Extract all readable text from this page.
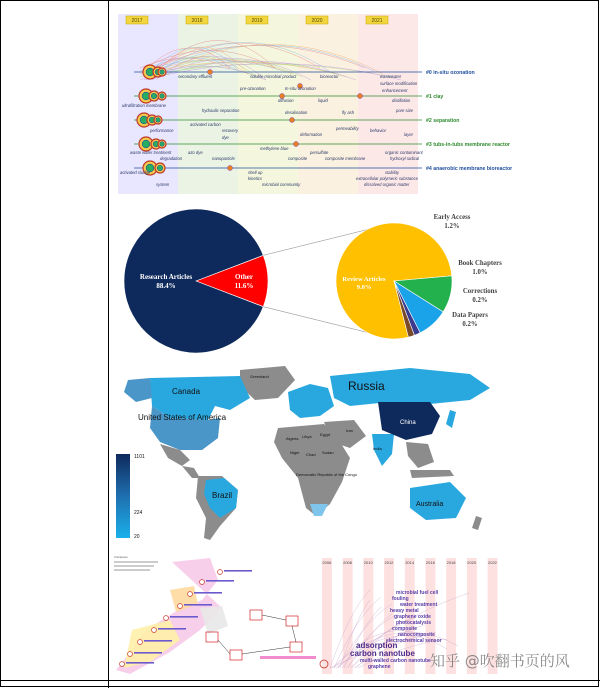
2017	2018	2019	2020	2021
secondary effluent	soluble microbial product	bioreactor	wastewater
surface modification
pre-ozonation	In-situ ozonation	enhancement
ultrafiltration membrane
diffusion	liquid	distillation
pore size
hydraulic separation	desalination	fly ash
activated carbon
performance	recovery	permeability	behavior
dye
deformation	layer
waste water treatment	azo dye
methylene blue
persulfate
degradation	nanoparticle	composite	composite membrane
organic contaminant
hydroxyl radical
activated sludge	shell up
kinetics
stability
extracellular polymeric substance
system	microbial community	dissolved organic matter
#0 in-situ ozonation
#1 clay
#2 separation
#3 tubs-in-tubs membrane reactor
#4 anaerobic membrane bioreactor
Research Articles
88.4%
Other
11.6%
Review Articles
9.0%
Early Access
1.2%
Book Chapters
1.0%
Corrections
0.2%
Data Papers
0.2%
Russia
Canada
United States of America
China
Brazil
Australia
India
Greenland
Iran
Algeria
Democratic Republic of the Congo
Sudan
Libya Egypt
Niger Chad
1101
224
20
CiteSpace
2006	2008	2010	2012	2014	2016	2018	2020	2022
microbial fuel cell
fouling
water treatment
heavy metal
graphene oxide
photocatalysis
composite
nanocomposite
electrochemical sensor
adsorption
carbon nanotube
multi-walled carbon nanotube
graphene	知乎 @吹翻书页的风
